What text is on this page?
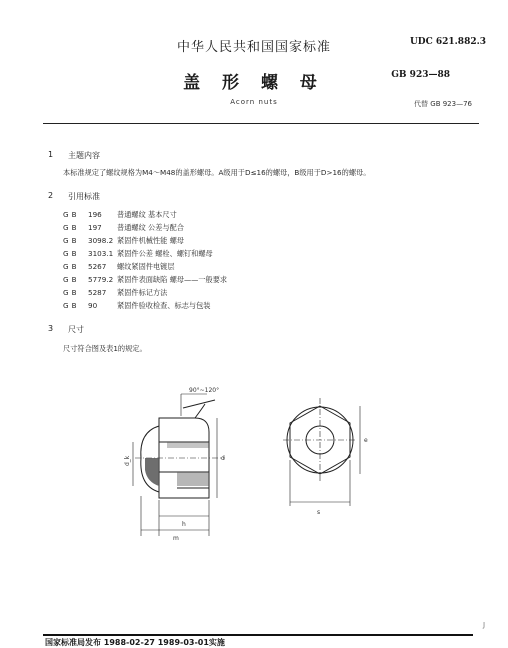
中华人民共和国国家标准	UDC 621.882.3
盖 形 螺 母	GB 923—88
Acorn nuts	代替 GB 923—76
1 主题内容
本标准规定了螺纹规格为M4～M48的盖形螺母。A级用于D≤16的螺母，B级用于D>16的螺母。
2 引用标准
GB	196 普通螺纹 基本尺寸
GB	197 普通螺纹 公差与配合
GB	3098.2 紧固件机械性能 螺母
GB	3103.1 紧固件公差 螺栓、螺钉和螺母
GB	5267 螺纹紧固件电镀层
GB	5779.2 紧固件表面缺陷 螺母——一般要求
GB	5287 紧固件标记方法
GB	90	紧固件验收检查、标志与包装
3 尺寸
尺寸符合图及表1的规定。
90°~120°
h
m
d
d_k
s
e
J
国家标准局发布 1988-02-27 1989-03-01实施
